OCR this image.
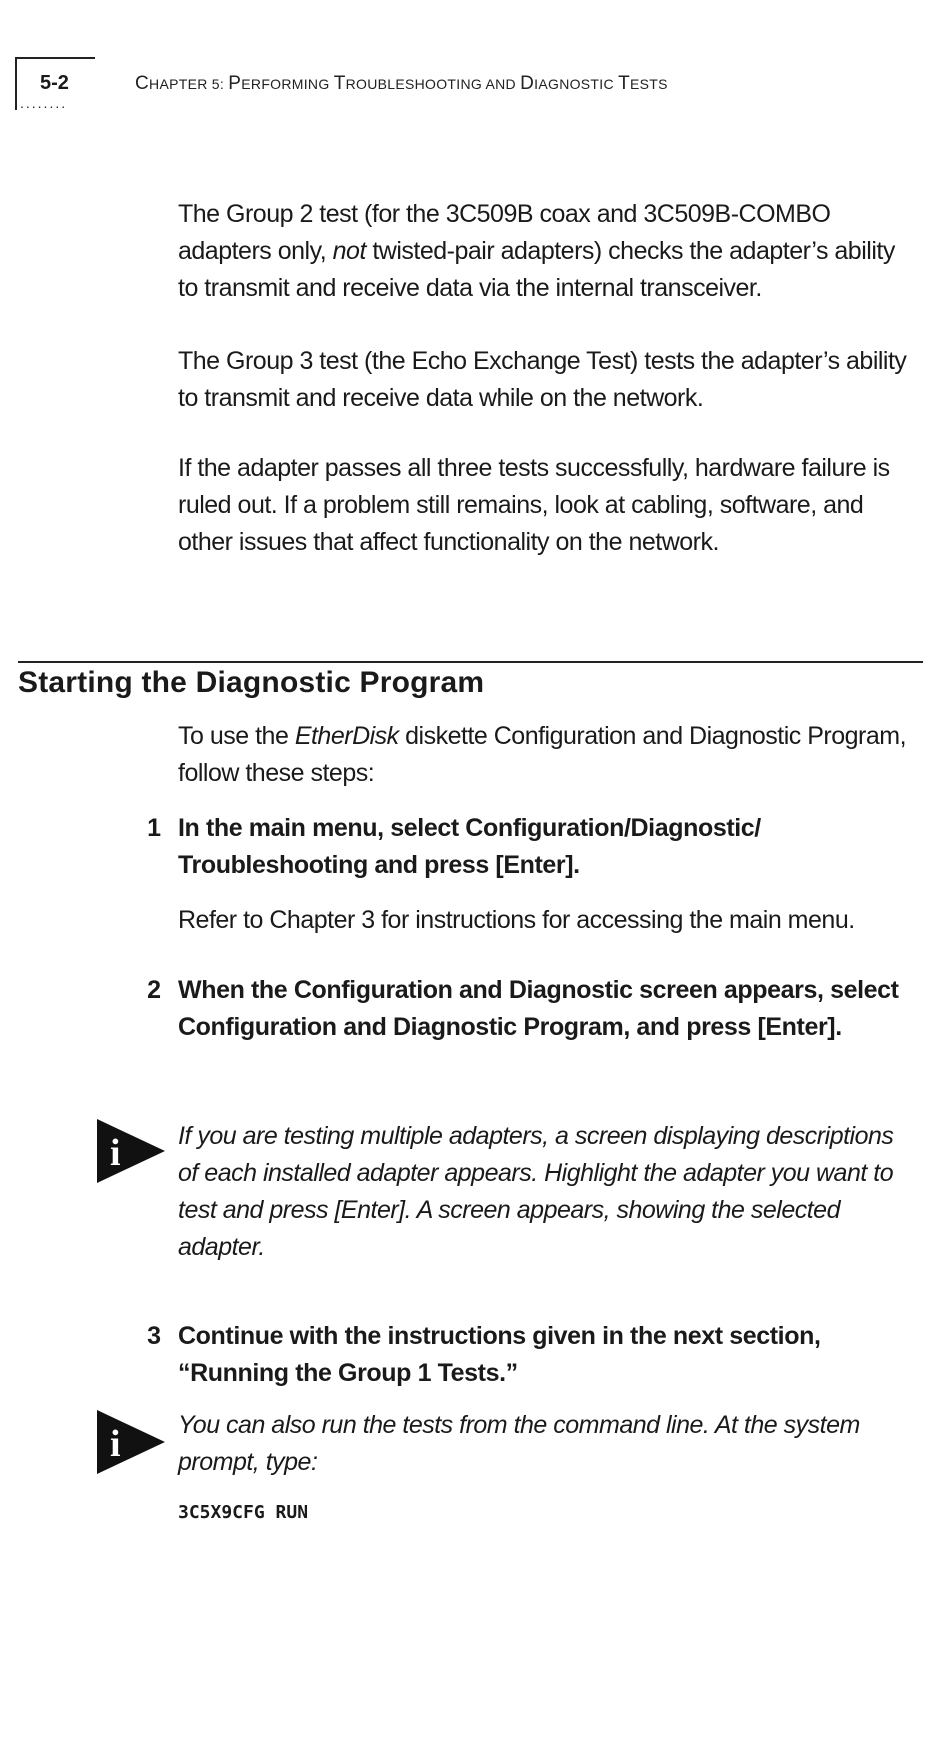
5-2
........
CHAPTER 5: PERFORMING TROUBLESHOOTING AND DIAGNOSTIC TESTS
The Group 2 test (for the 3C509B coax and 3C509B-COMBO adapters only, not twisted-pair adapters) checks the adapter’s ability to transmit and receive data via the internal transceiver.
The Group 3 test (the Echo Exchange Test) tests the adapter’s ability to transmit and receive data while on the network.
If the adapter passes all three tests successfully, hardware failure is ruled out. If a problem still remains, look at cabling, software, and other issues that affect functionality on the network.
Starting the Diagnostic Program
To use the EtherDisk diskette Configuration and Diagnostic Program, follow these steps:
1 In the main menu, select Configuration/Diagnostic/ Troubleshooting and press [Enter].
Refer to Chapter 3 for instructions for accessing the main menu.
2 When the Configuration and Diagnostic screen appears, select Configuration and Diagnostic Program, and press [Enter].
i If you are testing multiple adapters, a screen displaying descriptions of each installed adapter appears. Highlight the adapter you want to test and press [Enter]. A screen appears, showing the selected adapter.
3 Continue with the instructions given in the next section, “Running the Group 1 Tests.”
i You can also run the tests from the command line. At the system prompt, type:
3C5X9CFG RUN
